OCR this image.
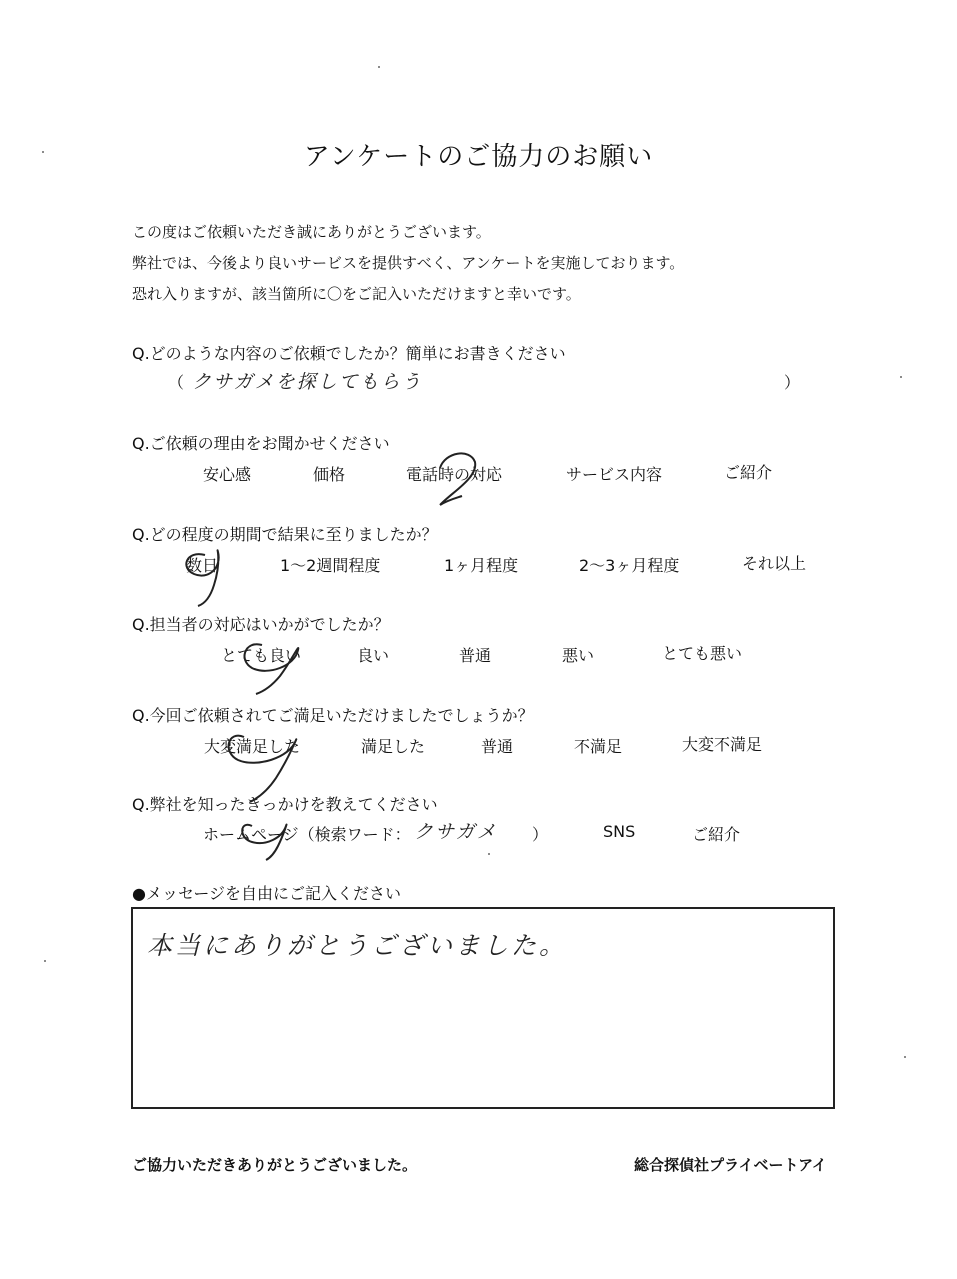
アンケートのご協力のお願い
この度はご依頼いただき誠にありがとうございます。
弊社では、今後より良いサービスを提供すべく、アンケートを実施しております。
恐れ入りますが、該当箇所に〇をご記入いただけますと幸いです。
Q.どのような内容のご依頼でしたか？簡単にお書きください
（ クサガメを探してもらう	）
Q.ご依頼の理由をお聞かせください
安心感	価格	電話時の対応	サービス内容	ご紹介
Q.どの程度の期間で結果に至りましたか？
数日	1～2週間程度	1ヶ月程度	2～3ヶ月程度	それ以上
Q.担当者の対応はいかがでしたか？
とても良い	良い	普通	悪い	とても悪い
Q.今回ご依頼されてご満足いただけましたでしょうか？
大変満足した	満足した	普通	不満足	大変不満足
Q.弊社を知ったきっかけを教えてください
ホームページ（検索ワード： クサガメ ）	SNS	ご紹介
●メッセージを自由にご記入ください
本当にありがとうございました。
ご協力いただきありがとうございました。	総合探偵社プライベートアイ
